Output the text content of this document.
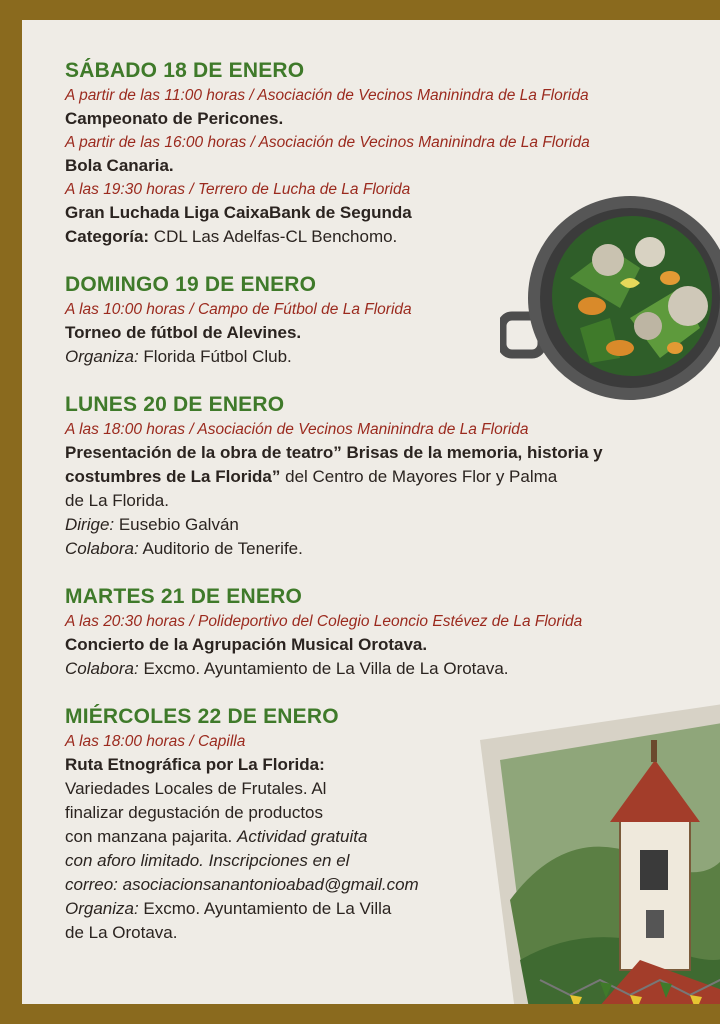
SÁBADO 18 DE ENERO
A partir de las 11:00 horas / Asociación de Vecinos Maninindra de La Florida
Campeonato de Pericones.
A partir de las 16:00 horas / Asociación de Vecinos Maninindra de La Florida
Bola Canaria.
A las 19:30 horas / Terrero de Lucha de La Florida
Gran Luchada Liga CaixaBank de Segunda
Categoría: CDL Las Adelfas-CL Benchomo.
DOMINGO 19 DE ENERO
A las 10:00 horas / Campo de Fútbol de La Florida
Torneo de fútbol de Alevines.
Organiza: Florida Fútbol Club.
LUNES 20 DE ENERO
A las 18:00 horas / Asociación de Vecinos Maninindra de La Florida
Presentación de la obra de teatro” Brisas de la memoria, historia y
costumbres de La Florida” del Centro de Mayores Flor y Palma
de La Florida.
Dirige: Eusebio Galván
Colabora: Auditorio de Tenerife.
MARTES 21 DE ENERO
A las 20:30 horas / Polideportivo del Colegio Leoncio Estévez de La Florida
Concierto de la Agrupación Musical Orotava.
Colabora: Excmo. Ayuntamiento de La Villa de La Orotava.
MIÉRCOLES 22 DE ENERO
A las 18:00 horas / Capilla
Ruta Etnográfica por La Florida:
Variedades Locales de Frutales. Al
finalizar degustación de productos
con manzana pajarita. Actividad gratuita
con aforo limitado. Inscripciones en el
correo: asociacionsanantonioabad@gmail.com
Organiza: Excmo. Ayuntamiento de La Villa
de La Orotava.
